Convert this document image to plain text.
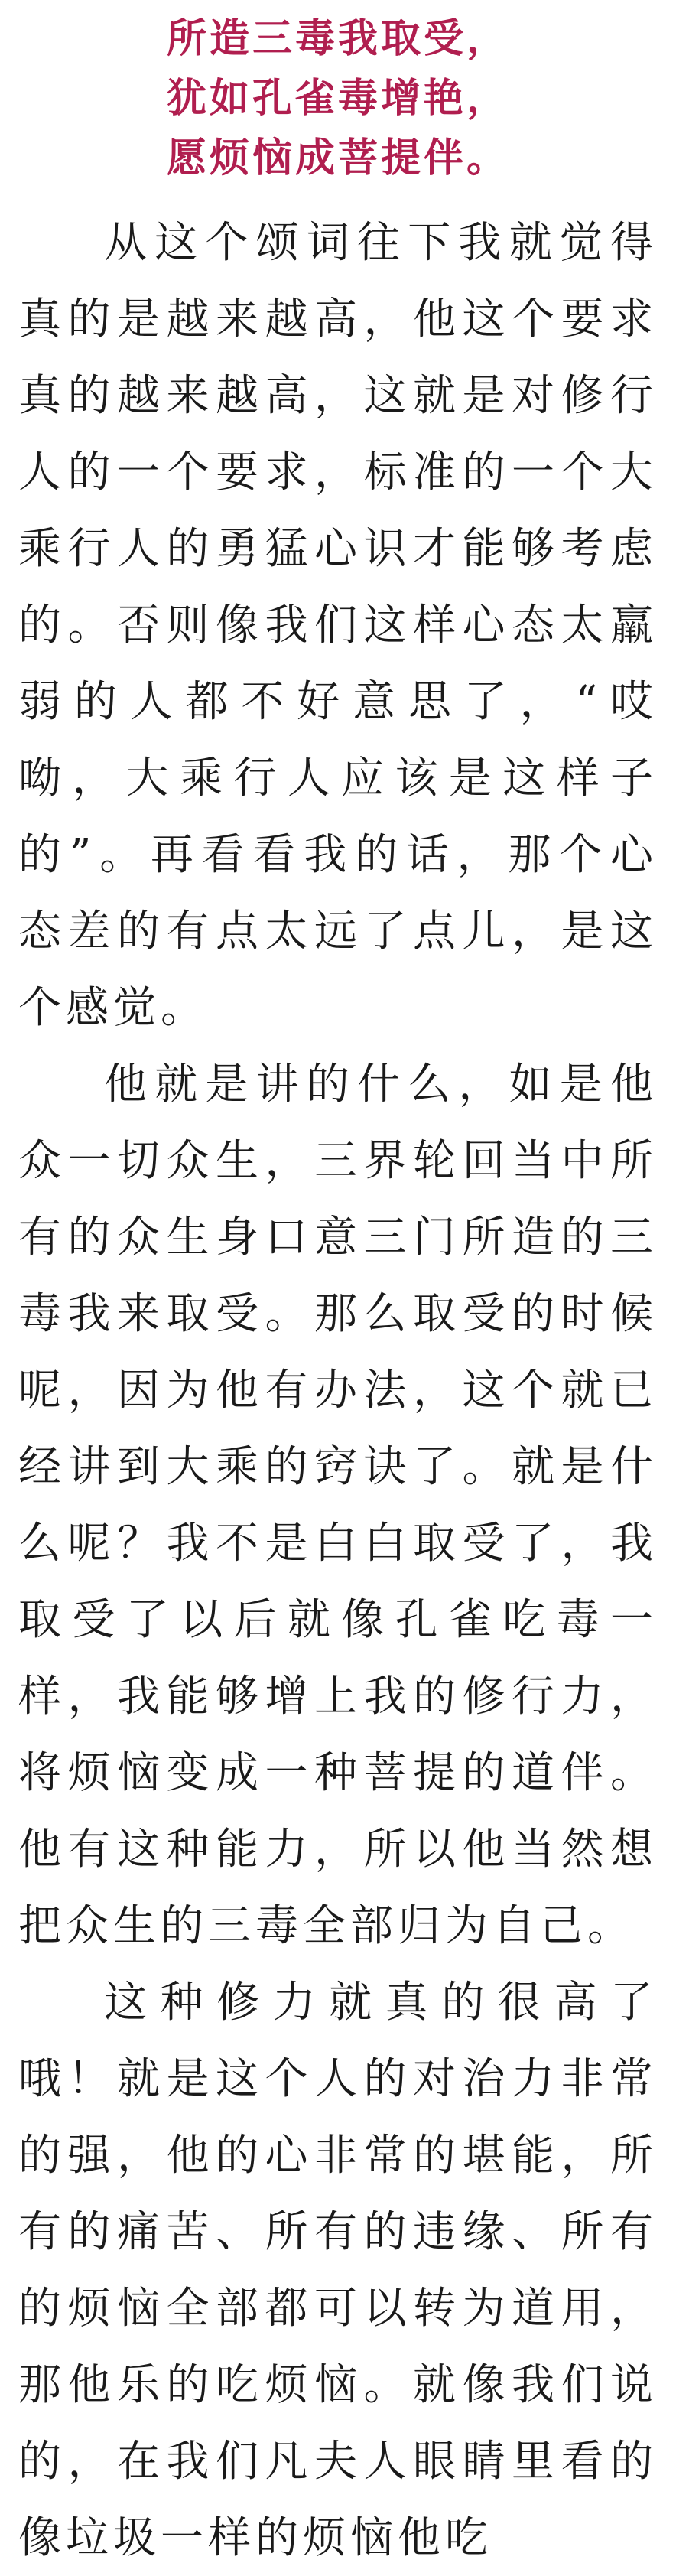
所造三毒我取受，
犹如孔雀毒增艳，
愿烦恼成菩提伴。

从这个颂词往下我就觉得真的是越来越高，他这个要求真的越来越高，这就是对修行人的一个要求，标准的一个大乘行人的勇猛心识才能够考虑的。否则像我们这样心态太羸弱的人都不好意思了，“哎呦，大乘行人应该是这样子的”。再看看我的话，那个心态差的有点太远了点儿，是这个感觉。

他就是讲的什么，如是他众一切众生，三界轮回当中所有的众生身口意三门所造的三毒我来取受。那么取受的时候呢，因为他有办法，这个就已经讲到大乘的窍诀了。就是什么呢？我不是白白取受了，我取受了以后就像孔雀吃毒一样，我能够增上我的修行力，将烦恼变成一种菩提的道伴。他有这种能力，所以他当然想把众生的三毒全部归为自己。

这种修力就真的很高了哦！就是这个人的对治力非常的强，他的心非常的堪能，所有的痛苦、所有的违缘、所有的烦恼全部都可以转为道用，那他乐的吃烦恼。就像我们说的，在我们凡夫人眼睛里看的像垃圾一样的烦恼他吃
